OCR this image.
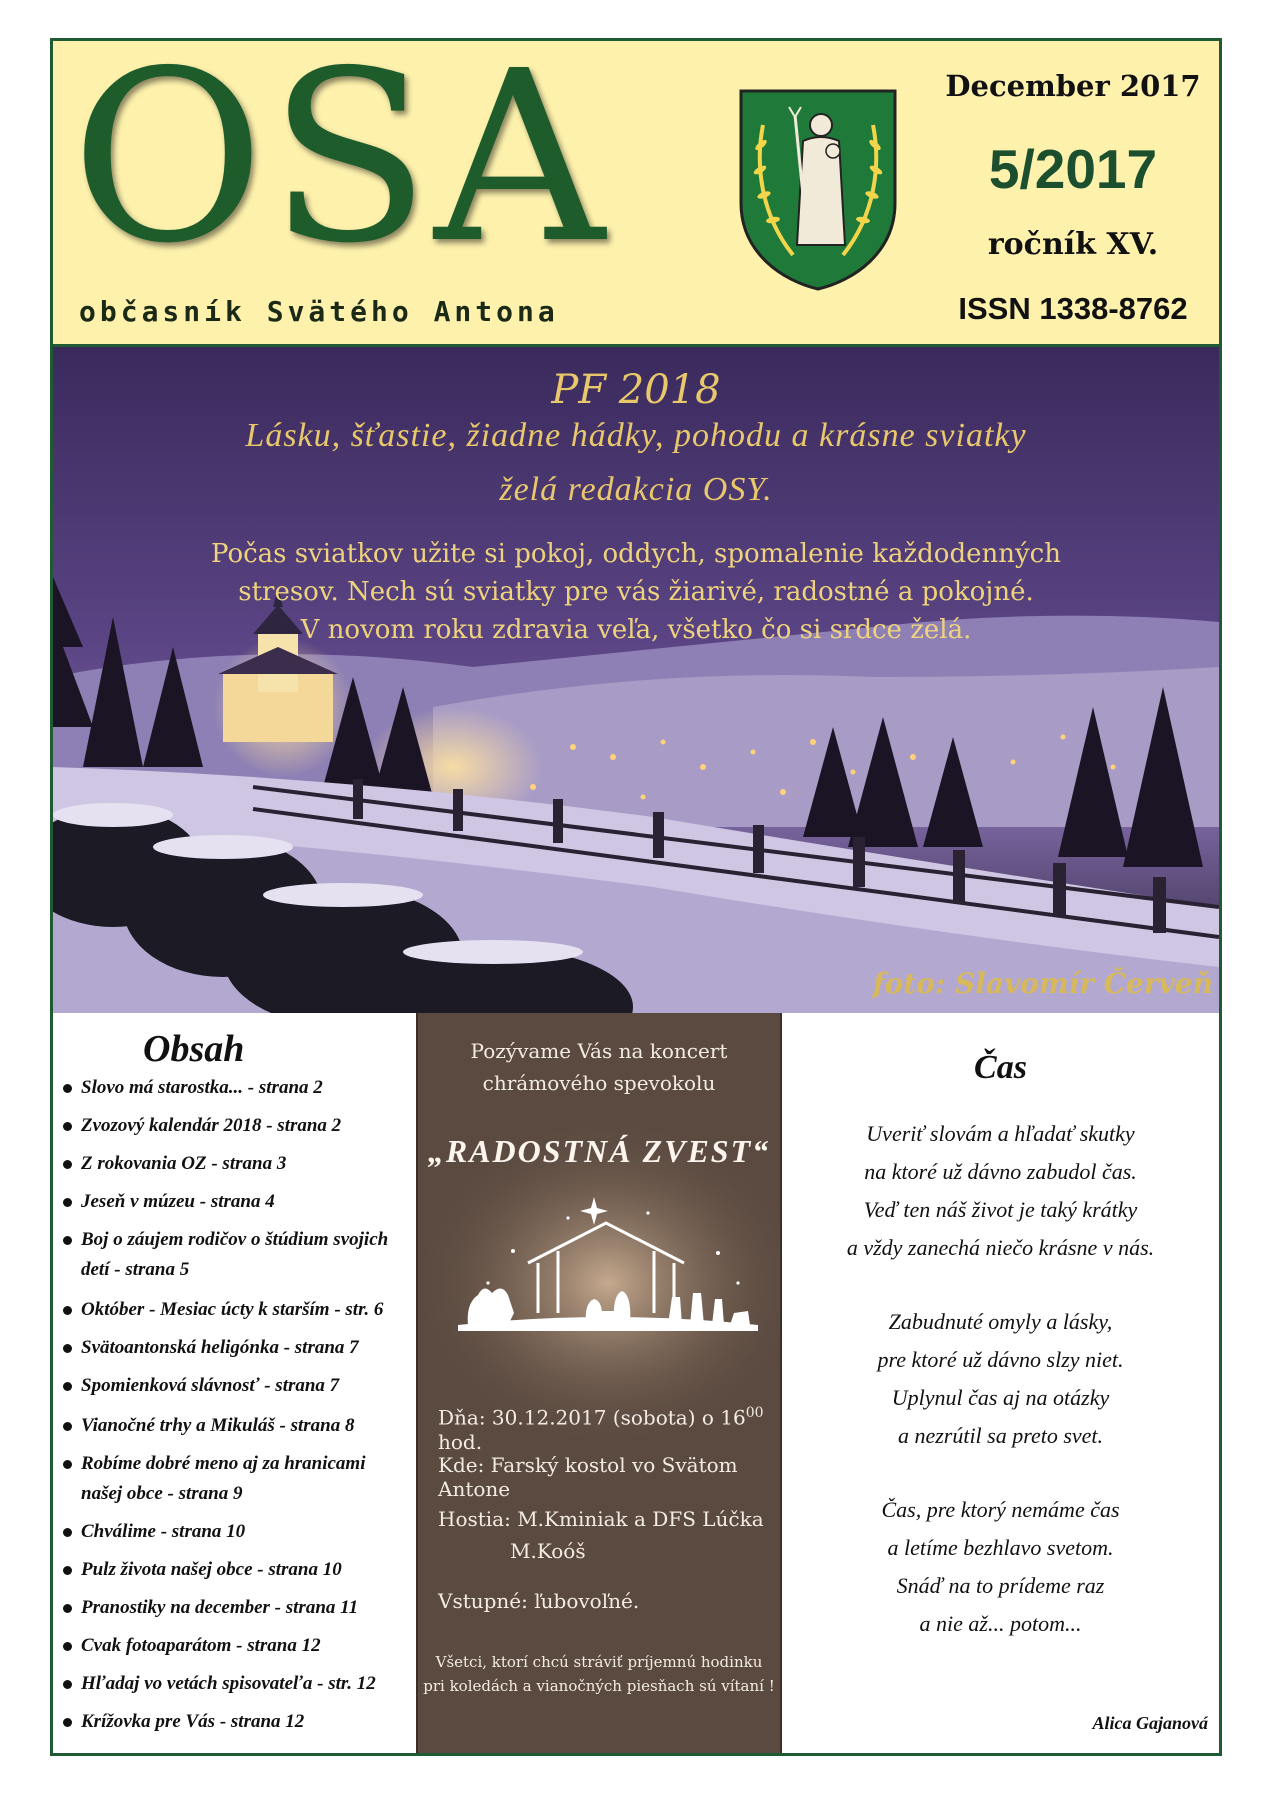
OSA
občasník Svätého Antona
December 2017
5/2017
ročník XV.
ISSN 1338-8762
PF 2018
Lásku, šťastie, žiadne hádky, pohodu a krásne sviatky
želá redakcia OSY.
Počas sviatkov užite si pokoj, oddych, spomalenie každodenných
stresov. Nech sú sviatky pre vás žiarivé, radostné a pokojné.
V novom roku zdravia veľa, všetko čo si srdce želá.
foto: Slavomír Červeň
Obsah
Slovo má starostka... - strana 2
Zvozový kalendár 2018 - strana 2
Z rokovania OZ - strana 3
Jeseň v múzeu - strana 4
Boj o záujem rodičov o štúdium svojich detí - strana 5
Október - Mesiac úcty k starším - str. 6
Svätoantonská heligónka - strana 7
Spomienková slávnosť - strana 7
Vianočné trhy a Mikuláš - strana 8
Robíme dobré meno aj za hranicami našej obce - strana 9
Chválime - strana 10
Pulz života našej obce - strana 10
Pranostiky na december - strana 11
Cvak fotoaparátom - strana 12
Hľadaj vo vetách spisovateľa - str. 12
Krížovka pre Vás - strana 12
Pozývame Vás na koncert
chrámového spevokolu
„RADOSTNÁ ZVEST“
Dňa: 30.12.2017 (sobota) o $16^{00}$ hod.
Kde: Farský kostol vo Svätom Antone
Hostia: M.Kminiak a DFS Lúčka
M.Koóš
Vstupné: ľubovoľné.
Všetci, ktorí chcú stráviť príjemnú hodinku
pri koledách a vianočných piesňach sú vítaní !
Čas
Uveriť slovám a hľadať skutky
na ktoré už dávno zabudol čas.
Veď ten náš život je taký krátky
a vždy zanechá niečo krásne v nás.
Zabudnuté omyly a lásky,
pre ktoré už dávno slzy niet.
Uplynul čas aj na otázky
a nezrútil sa preto svet.
Čas, pre ktorý nemáme čas
a letíme bezhlavo svetom.
Snáď na to prídeme raz
a nie až... potom...
Alica Gajanová
